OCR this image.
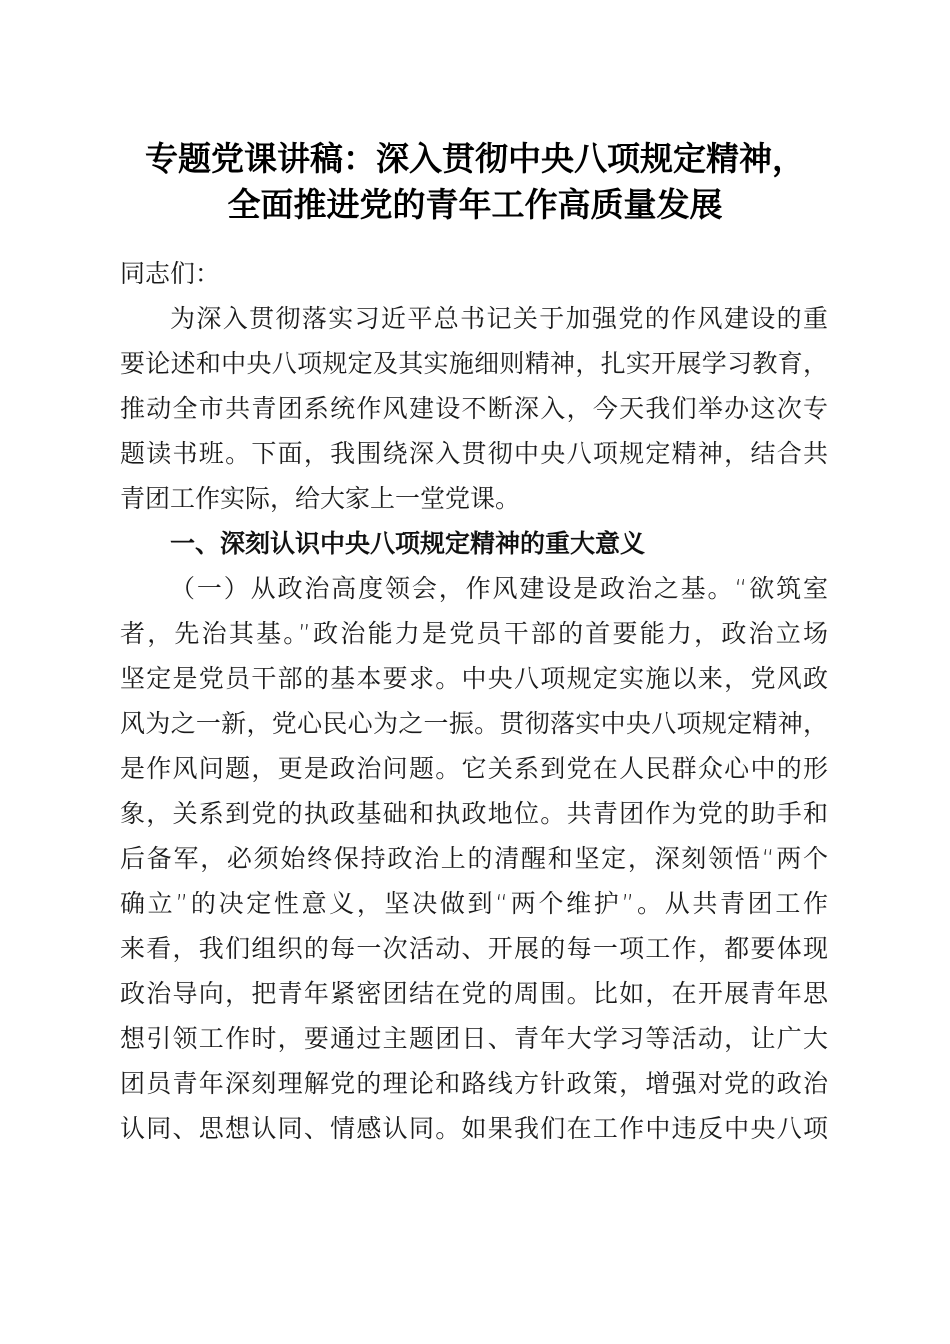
专题党课讲稿：深入贯彻中央八项规定精神，
全面推进党的青年工作高质量发展
同志们：
为深入贯彻落实习近平总书记关于加强党的作风建设的重
要论述和中央八项规定及其实施细则精神，扎实开展学习教育，
推动全市共青团系统作风建设不断深入，今天我们举办这次专
题读书班。下面，我围绕深入贯彻中央八项规定精神，结合共
青团工作实际，给大家上一堂党课。
一、深刻认识中央八项规定精神的重大意义
（一）从政治高度领会，作风建设是政治之基。“欲筑室
者，先治其基。”政治能力是党员干部的首要能力，政治立场
坚定是党员干部的基本要求。中央八项规定实施以来，党风政
风为之一新，党心民心为之一振。贯彻落实中央八项规定精神，
是作风问题，更是政治问题。它关系到党在人民群众心中的形
象，关系到党的执政基础和执政地位。共青团作为党的助手和
后备军，必须始终保持政治上的清醒和坚定，深刻领悟“两个
确立”的决定性意义，坚决做到“两个维护”。从共青团工作
来看，我们组织的每一次活动、开展的每一项工作，都要体现
政治导向，把青年紧密团结在党的周围。比如，在开展青年思
想引领工作时，要通过主题团日、青年大学习等活动，让广大
团员青年深刻理解党的理论和路线方针政策，增强对党的政治
认同、思想认同、情感认同。如果我们在工作中违反中央八项
